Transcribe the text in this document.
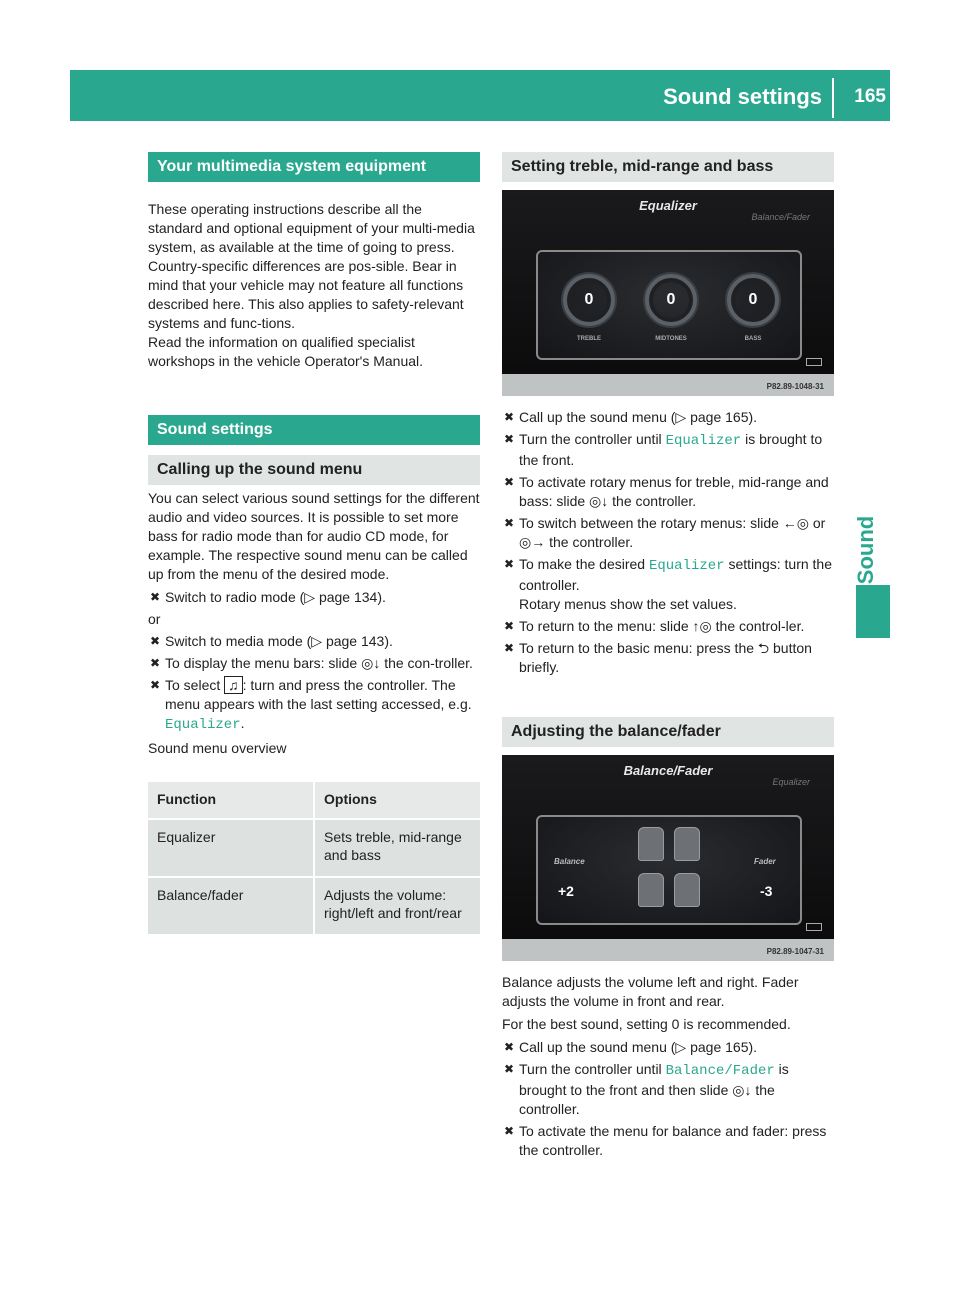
Sound settings 165
Sound
Your multimedia system equipment

These operating instructions describe all the standard and optional equipment of your multi-media system, as available at the time of going to press. Country-specific differences are pos-sible. Bear in mind that your vehicle may not feature all functions described here. This also applies to safety-relevant systems and func-tions.

Read the information on qualified specialist workshops in the vehicle Operator's Manual.

Sound settings
Calling up the sound menu

You can select various sound settings for the different audio and video sources. It is possible to set more bass for radio mode than for audio CD mode, for example. The respective sound menu can be called up from the menu of the desired mode.

✖ Switch to radio mode (▷ page 134).

or

✖ Switch to media mode (▷ page 143).
✖ To display the menu bars: slide ◎↓ the con-troller.
✖ To select ♫ : turn and press the controller. The menu appears with the last setting accessed, e.g. Equalizer.

Sound menu overview

Function	Options
Equalizer	Sets treble, mid-range and bass
Balance/fader	Adjusts the volume: right/left and front/rear
Setting treble, mid-range and bass
Equalizer
Balance/Fader
0	0	0
TREBLE	MIDTONES	BASS
P82.89-1048-31
✖ Call up the sound menu (▷ page 165).
✖ Turn the controller until Equalizer is brought to the front.
✖ To activate rotary menus for treble, mid-range and bass: slide ◎↓ the controller.
✖ To switch between the rotary menus: slide ←◎ or ◎→ the controller.
✖ To make the desired Equalizer settings: turn the controller.
Rotary menus show the set values.
✖ To return to the menu: slide ↑◎ the control-ler.
✖ To return to the basic menu: press the ⮌ button briefly.
Adjusting the balance/fader
Balance/Fader
Equalizer
Balance
+2
Fader
-3
P82.89-1047-31

Balance adjusts the volume left and right. Fader adjusts the volume in front and rear.

For the best sound, setting 0 is recommended.

✖ Call up the sound menu (▷ page 165).
✖ Turn the controller until Balance/Fader is brought to the front and then slide ◎↓ the controller.
✖ To activate the menu for balance and fader: press the controller.
